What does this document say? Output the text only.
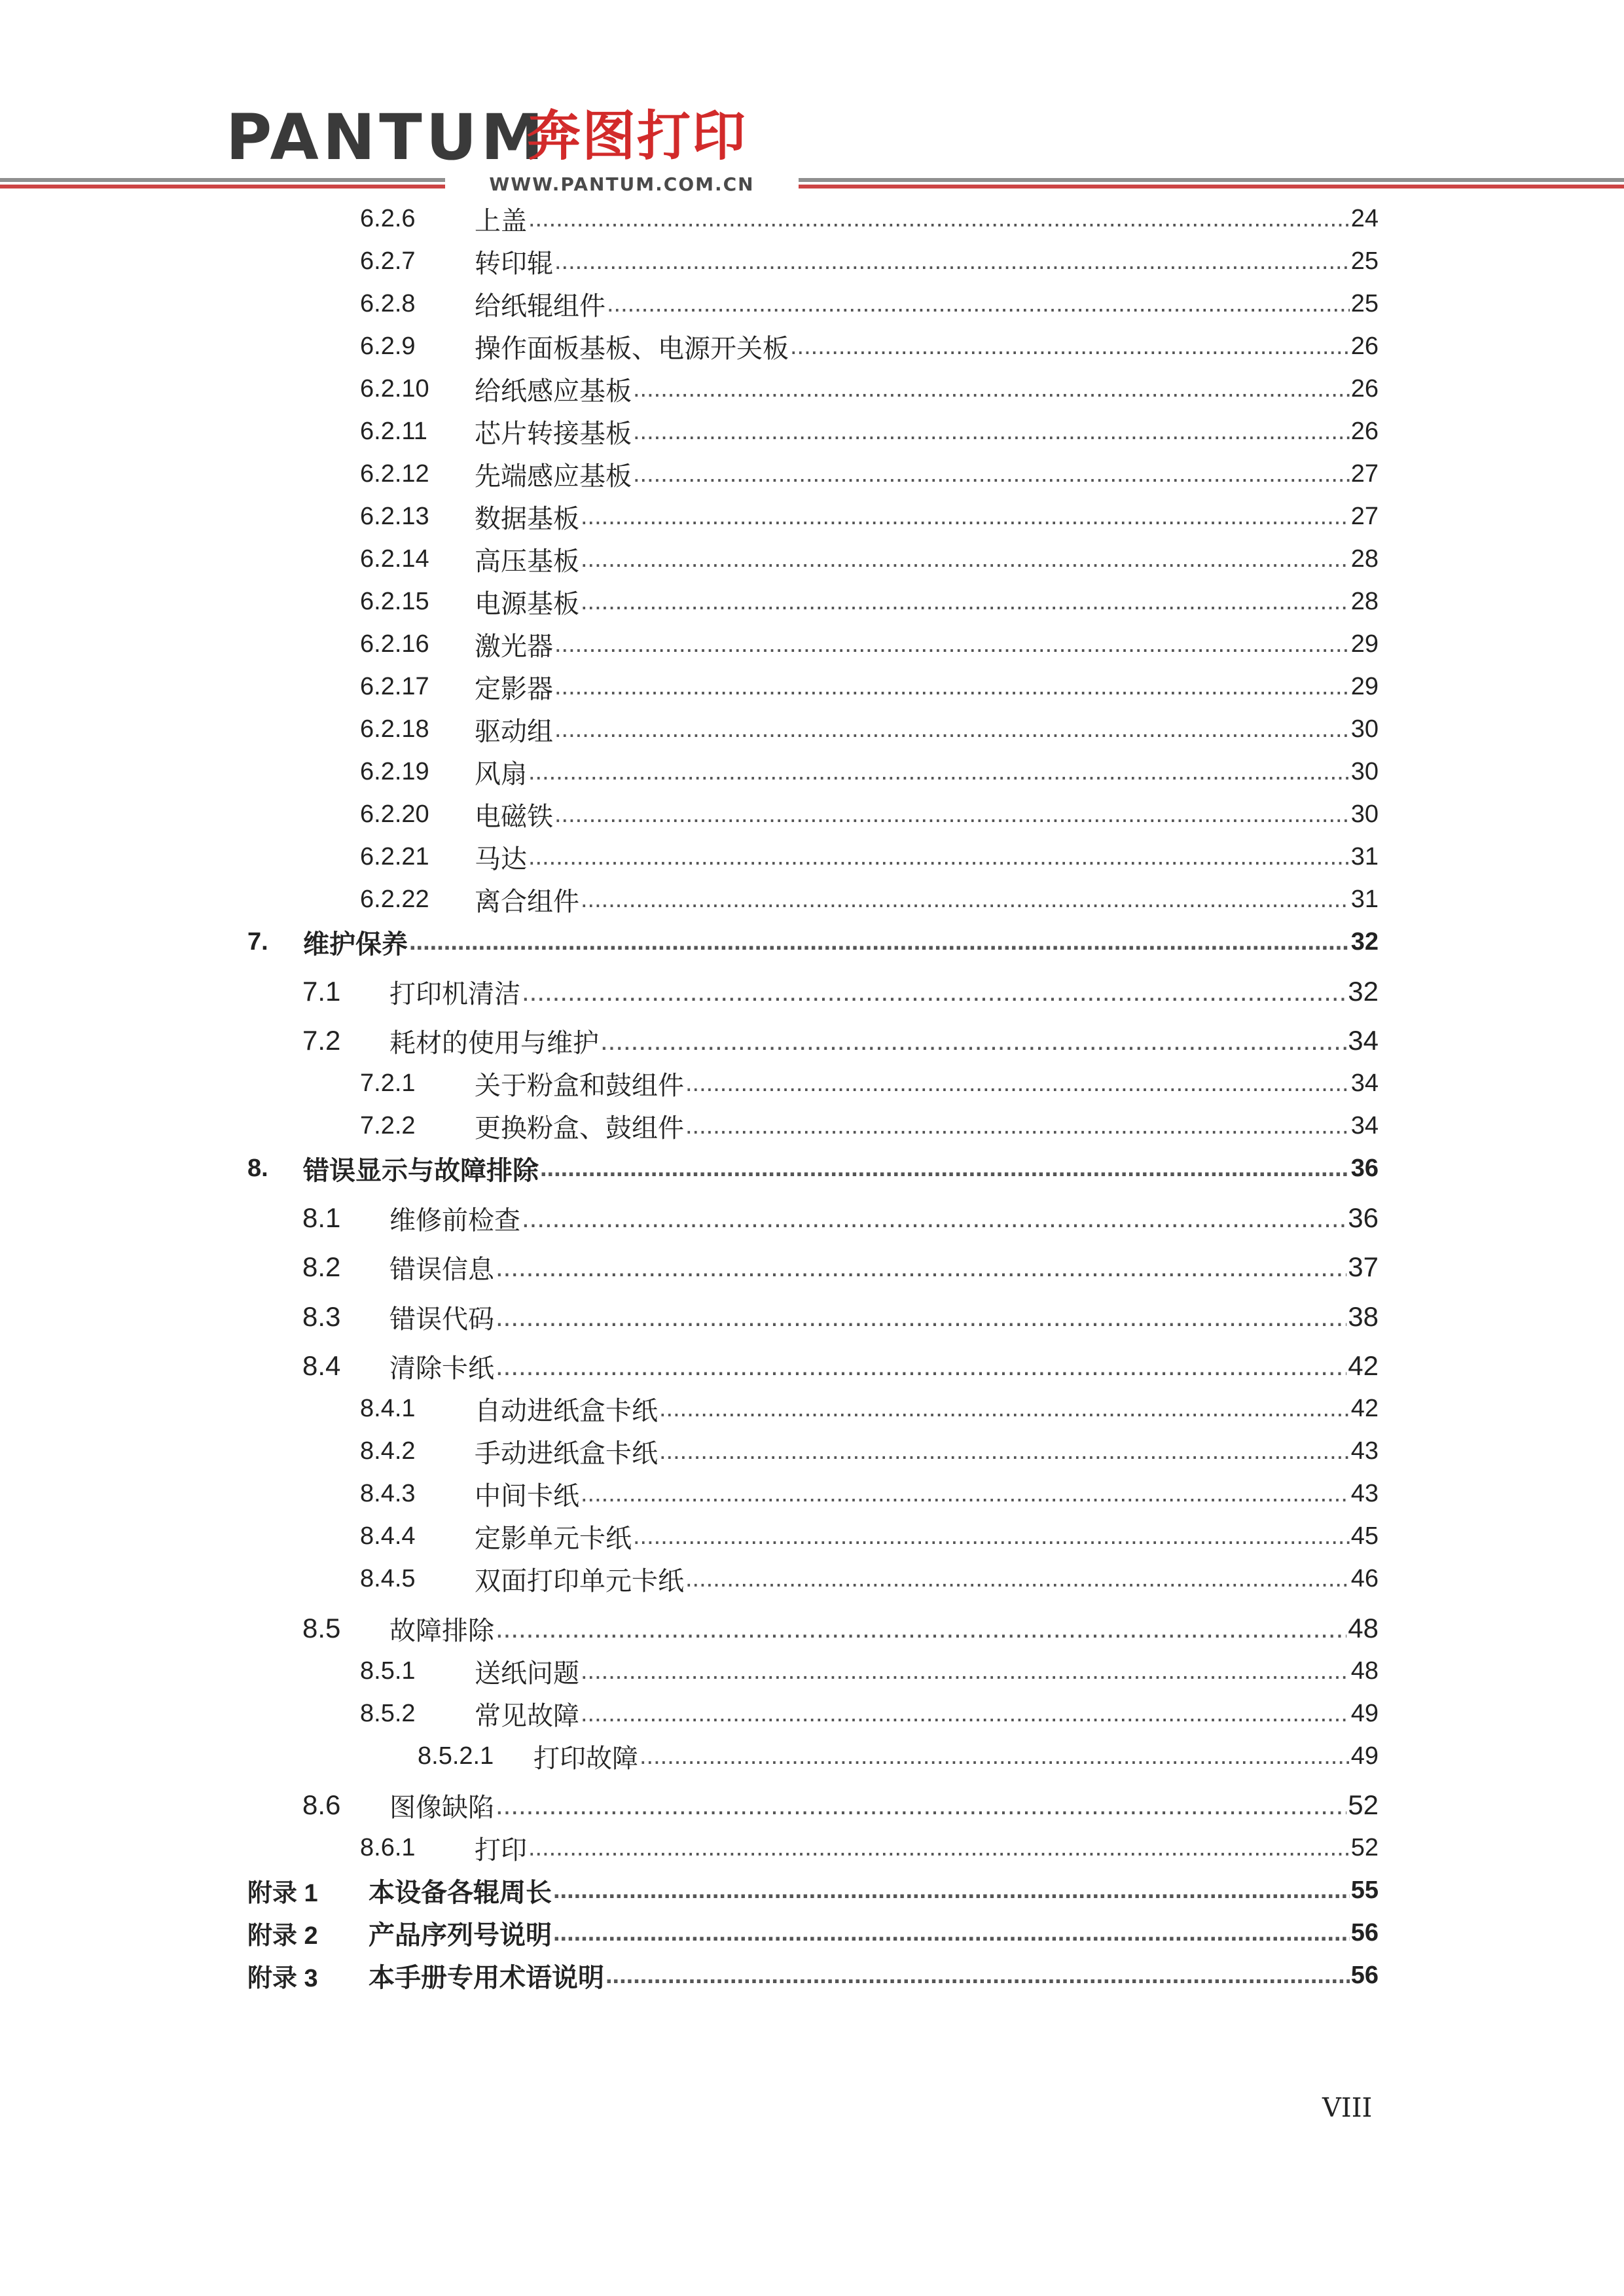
PANTUM
奔图打印
WWW.PANTUM.COM.CN
6.2.6	上盖 .....	24
6.2.7	转印辊 .....	25
6.2.8	给纸辊组件 .....	25
6.2.9	操作面板基板、电源开关板 .....	26
6.2.10	给纸感应基板 .....	26
6.2.11	芯片转接基板 .....	26
6.2.12	先端感应基板 .....	27
6.2.13	数据基板 .....	27
6.2.14	高压基板 .....	28
6.2.15	电源基板 .....	28
6.2.16	激光器 .....	29
6.2.17	定影器 .....	29
6.2.18	驱动组 .....	30
6.2.19	风扇 .....	30
6.2.20	电磁铁 .....	30
6.2.21	马达 .....	31
6.2.22	离合组件 .....	31
7.	维护保养 .....	32
7.1	打印机清洁 .....	32
7.2	耗材的使用与维护 .....	34
7.2.1	关于粉盒和鼓组件 .....	34
7.2.2	更换粉盒、鼓组件 .....	34
8.	错误显示与故障排除 .....	36
8.1	维修前检查 .....	36
8.2	错误信息 .....	37
8.3	错误代码 .....	38
8.4	清除卡纸 .....	42
8.4.1	自动进纸盒卡纸 .....	42
8.4.2	手动进纸盒卡纸 .....	43
8.4.3	中间卡纸 .....	43
8.4.4	定影单元卡纸 .....	45
8.4.5	双面打印单元卡纸 .....	46
8.5	故障排除 .....	48
8.5.1	送纸问题 .....	48
8.5.2	常见故障 .....	49
8.5.2.1	打印故障 .....	49
8.6	图像缺陷 .....	52
8.6.1	打印 .....	52
附录 1	本设备各辊周长 .....	55
附录 2	产品序列号说明 .....	56
附录 3	本手册专用术语说明 .....	56
VIII
